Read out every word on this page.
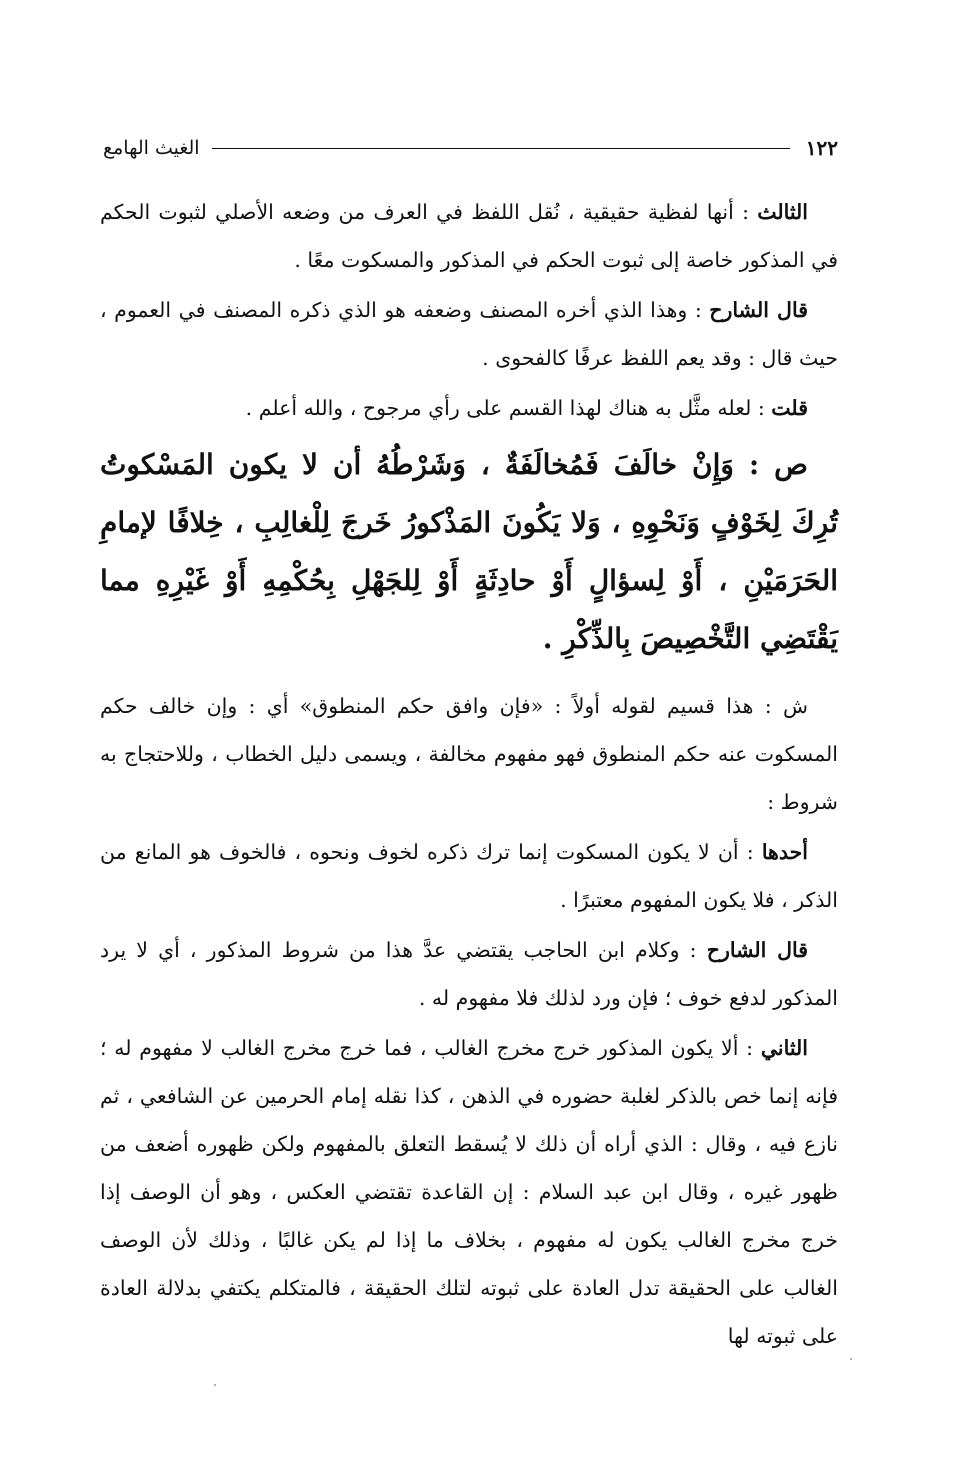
١٢٢
الغيث الهامع

الثالث : أنها لفظية حقيقية ، نُقل اللفظ في العرف من وضعه الأصلي لثبوت الحكم في المذكور خاصة إلى ثبوت الحكم في المذكور والمسكوت معًا .

قال الشارح : وهذا الذي أخره المصنف وضعفه هو الذي ذكره المصنف في العموم ، حيث قال : وقد يعم اللفظ عرفًا كالفحوى .

قلت : لعله مثَّل به هناك لهذا القسم على رأي مرجوح ، والله أعلم .

ص : وَإِنْ خالَفَ فَمُخالَفَةٌ ، وَشَرْطُهُ أن لا يكون المَسْكوتُ تُرِكَ لِخَوْفٍ وَنَحْوِهِ ، وَلا يَكُونَ المَذْكورُ خَرجَ لِلْغالِبِ ، خِلافًا لإمامِ الحَرَمَيْنِ ، أَوْ لِسؤالٍ أَوْ حادِثَةٍ أَوْ لِلجَهْلِ بِحُكْمِهِ أَوْ غَيْرِهِ مما يَقْتَضِي التَّخْصِيصَ بِالذِّكْرِ .

ش : هذا قسيم لقوله أولاً : «فإن وافق حكم المنطوق» أي : وإن خالف حكم المسكوت عنه حكم المنطوق فهو مفهوم مخالفة ، ويسمى دليل الخطاب ، وللاحتجاج به شروط :

أحدها : أن لا يكون المسكوت إنما ترك ذكره لخوف ونحوه ، فالخوف هو المانع من الذكر ، فلا يكون المفهوم معتبرًا .

قال الشارح : وكلام ابن الحاجب يقتضي عدَّ هذا من شروط المذكور ، أي لا يرد المذكور لدفع خوف ؛ فإن ورد لذلك فلا مفهوم له .

الثاني : ألا يكون المذكور خرج مخرج الغالب ، فما خرج مخرج الغالب لا مفهوم له ؛ فإنه إنما خص بالذكر لغلبة حضوره في الذهن ، كذا نقله إمام الحرمين عن الشافعي ، ثم نازع فيه ، وقال : الذي أراه أن ذلك لا يُسقط التعلق بالمفهوم ولكن ظهوره أضعف من ظهور غيره ، وقال ابن عبد السلام : إن القاعدة تقتضي العكس ، وهو أن الوصف إذا خرج مخرج الغالب يكون له مفهوم ، بخلاف ما إذا لم يكن غالبًا ، وذلك لأن الوصف الغالب على الحقيقة تدل العادة على ثبوته لتلك الحقيقة ، فالمتكلم يكتفي بدلالة العادة على ثبوته لها
